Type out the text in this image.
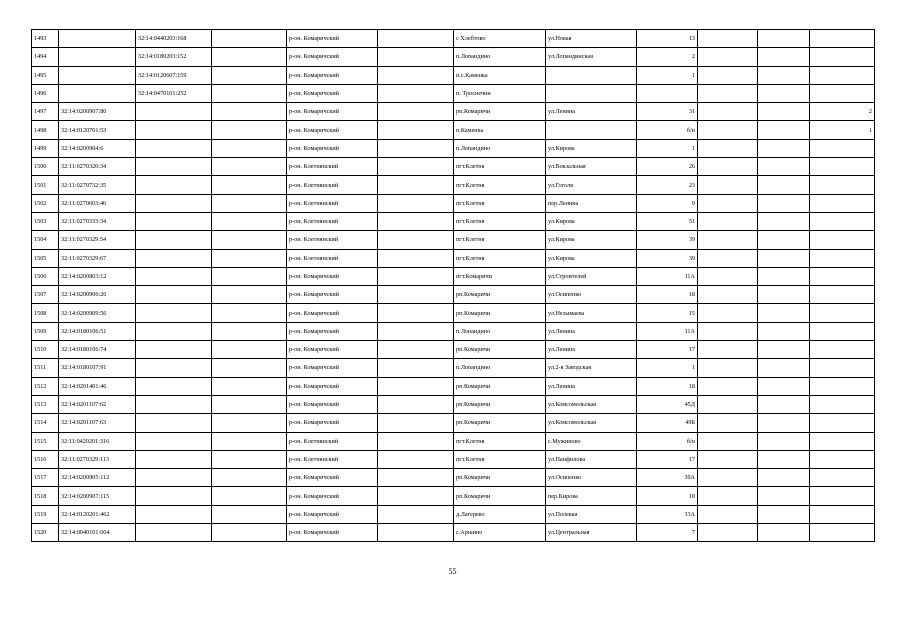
1493		32:14:0440203:168		р-он. Комаричский		с Хлебтово	ул.Новая	13			
1494		32:14:0180203:152		р-он. Комаричский		п.Лопандино	ул.Лопандинская	2			
1495		32:14:0120607:159		р-он. Комаричский		п.с.Каменка		1			
1496		32:14:0470101:252		р-он. Комаричский		п. Троснечни					
1497	32:14:0200907:80			р-он. Комаричский		рп.Комаричи	ул.Ленина	31			2
1498	32:14:0120701:53			р-он. Комаричский		п.Каменка		б/н			1
1499	32:14:0200904:6			р-он. Комаричский		п.Лопандино	ул.Кирова	1			
1500	32:11:0270320:34			р-он. Клетнянский		пгт.Клетня	ул.Вокзальная	26			
1501	32:11:0270732:35			р-он. Клетнянский		пгт.Клетня	ул.Гоголя	23			
1502	32:11:0270603:46			р-он. Клетнянский		пгт.Клетня	пер.Ленина	9			
1503	32:11:0270333:34			р-он. Клетнянский		пгт.Клетня	ул.Кирова	51			
1504	32:11:0270329:54			р-он. Клетнянский		пгт.Клетня	ул.Кирова	39			
1505	32:11:0270329:67			р-он. Клетнянский		пгт.Клетня	ул.Кирова	39			
1506	32:14:0200803:12			р-он. Комаричский		пгт.Комаричи	ул.Строителей	11А			
1507	32:14:0200906:26			р-он. Комаричский		рп.Комаричи	ул.Осипенко	18			
1508	32:14:0200909:56			р-он. Комаричский		рп.Комаричи	ул.Незымаева	15			
1509	32:14:0180106:51			р-он. Комаричский		п.Лопандино	ул.Ленина	11А			
1510	32:14:0180106:74			р-он. Комаричский		рп.Комаричи	ул.Ленина	17			
1511	32:14:0180107:91			р-он. Комаричский		п.Лопандино	ул.2-я Заводская	1			
1512	32:14:0201401:46			р-он. Комаричский		рп.Комаричи	ул.Ленина	18			
1513	32:14:0201107:62			р-он. Комаричский		рп.Комаричи	ул.Комсомольская	45Д			
1514	32:14:0201107:63			р-он. Комаричский		рп.Комаричи	ул.Комсомольская	49Б			
1515	32:11:0420201:316			р-он. Клетнянский		пгт.Клетня	с.Мужиново	б/н			
1516	32:11:0270329:113			р-он. Клетнянский		пгт.Клетня	ул.Панфилова	17			
1517	32:14:0200905:112			р-он. Комаричский		рп.Комаричи	ул.Осипенко	30А			
1518	32:14:0200907:115			р-он. Комаричский		рп.Комаричи	пер.Кирова	10			
1519	32:14:0120201:462			р-он. Комаричский		д.Лагерево	ул.Полевая	33А			
1520	32:14:0040101:604			р-он. Комаричский		с.Аршино	ул.Центральная	7			
55
